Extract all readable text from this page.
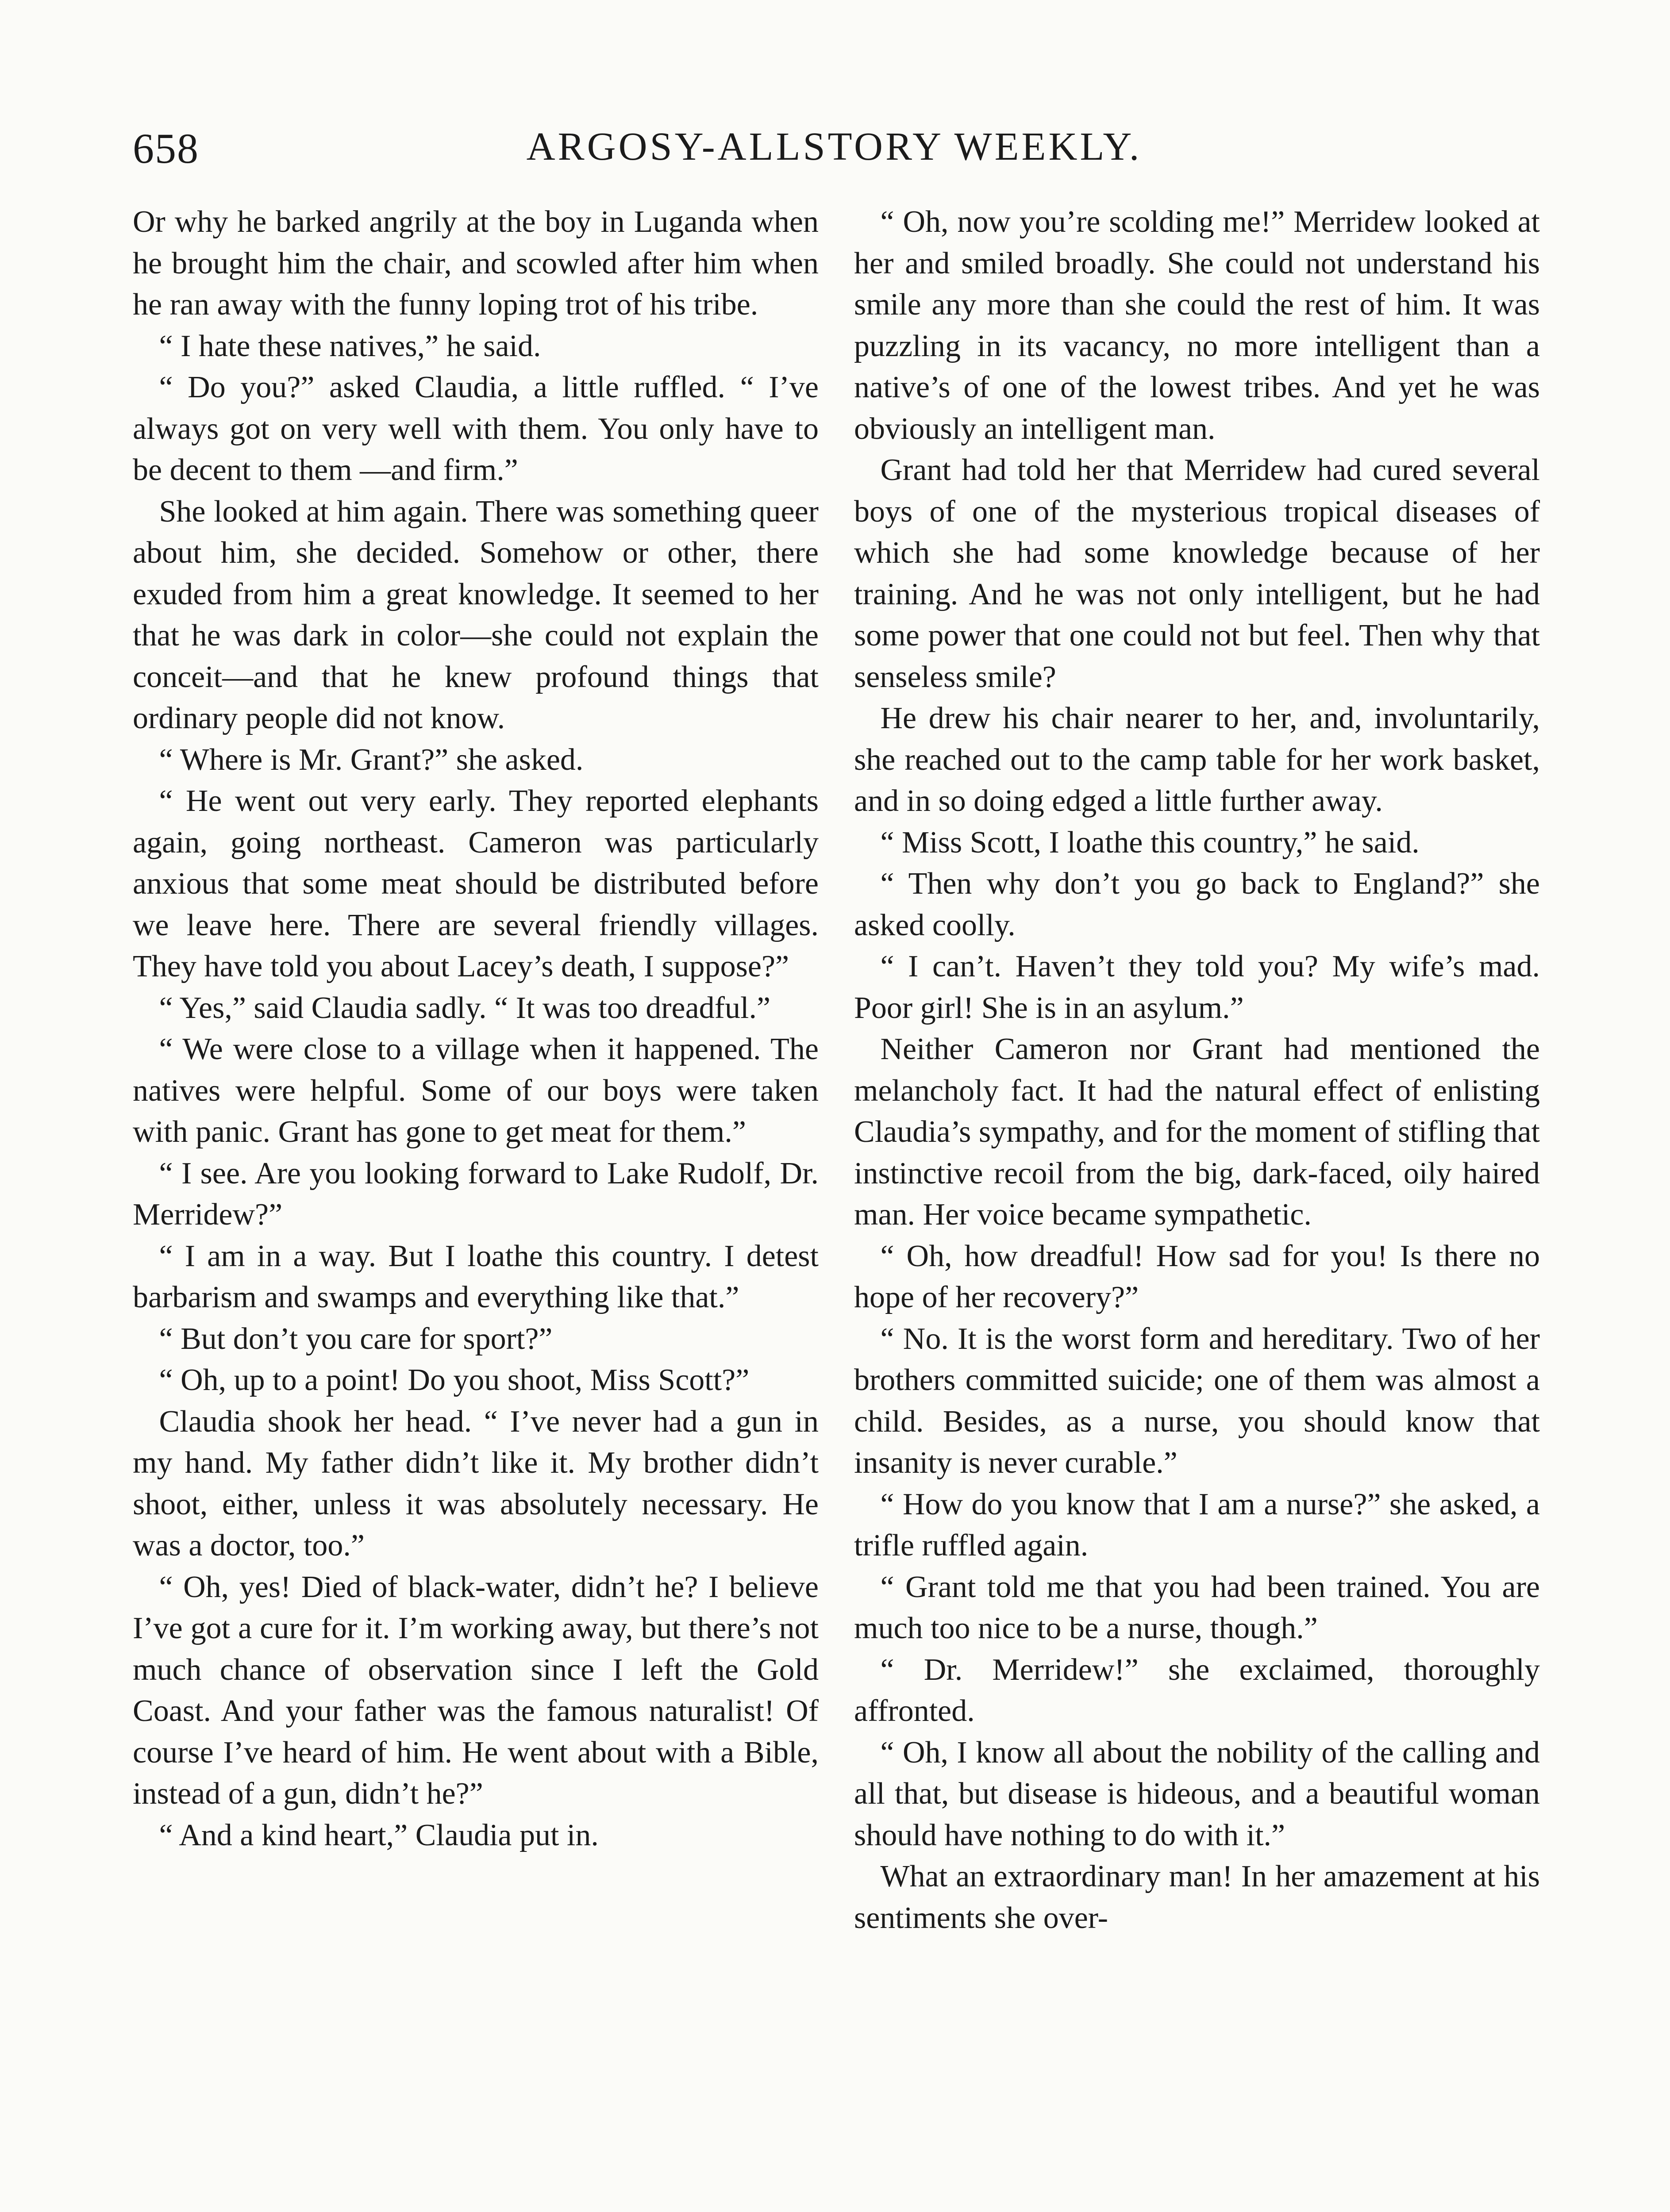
658	ARGOSY-ALLSTORY WEEKLY.

Or why he barked angrily at the boy in Luganda when he brought him the chair, and scowled after him when he ran away with the funny loping trot of his tribe.

“ I hate these natives,” he said.

“ Do you?” asked Claudia, a little ruffled. “ I’ve always got on very well with them. You only have to be decent to them —and firm.”

She looked at him again. There was something queer about him, she decided. Somehow or other, there exuded from him a great knowledge. It seemed to her that he was dark in color—she could not explain the conceit—and that he knew profound things that ordinary people did not know.

“ Where is Mr. Grant?” she asked.

“ He went out very early. They reported elephants again, going northeast. Cameron was particularly anxious that some meat should be distributed before we leave here. There are several friendly villages. They have told you about Lacey’s death, I suppose?”

“ Yes,” said Claudia sadly. “ It was too dreadful.”

“ We were close to a village when it happened. The natives were helpful. Some of our boys were taken with panic. Grant has gone to get meat for them.”

“ I see. Are you looking forward to Lake Rudolf, Dr. Merridew?”

“ I am in a way. But I loathe this country. I detest barbarism and swamps and everything like that.”

“ But don’t you care for sport?”

“ Oh, up to a point! Do you shoot, Miss Scott?”

Claudia shook her head. “ I’ve never had a gun in my hand. My father didn’t like it. My brother didn’t shoot, either, unless it was absolutely necessary. He was a doctor, too.”

“ Oh, yes! Died of black-water, didn’t he? I believe I’ve got a cure for it. I’m working away, but there’s not much chance of observation since I left the Gold Coast. And your father was the famous naturalist! Of course I’ve heard of him. He went about with a Bible, instead of a gun, didn’t he?”

“ And a kind heart,” Claudia put in.

“ Oh, now you’re scolding me!” Merridew looked at her and smiled broadly. She could not understand his smile any more than she could the rest of him. It was puzzling in its vacancy, no more intelligent than a native’s of one of the lowest tribes. And yet he was obviously an intelligent man.

Grant had told her that Merridew had cured several boys of one of the mysterious tropical diseases of which she had some knowledge because of her training. And he was not only intelligent, but he had some power that one could not but feel. Then why that senseless smile?

He drew his chair nearer to her, and, involuntarily, she reached out to the camp table for her work basket, and in so doing edged a little further away.

“ Miss Scott, I loathe this country,” he said.

“ Then why don’t you go back to England?” she asked coolly.

“ I can’t. Haven’t they told you? My wife’s mad. Poor girl! She is in an asylum.”

Neither Cameron nor Grant had mentioned the melancholy fact. It had the natural effect of enlisting Claudia’s sympathy, and for the moment of stifling that instinctive recoil from the big, dark-faced, oily haired man. Her voice became sympathetic.

“ Oh, how dreadful! How sad for you! Is there no hope of her recovery?”

“ No. It is the worst form and hereditary. Two of her brothers committed suicide; one of them was almost a child. Besides, as a nurse, you should know that insanity is never curable.”

“ How do you know that I am a nurse?” she asked, a trifle ruffled again.

“ Grant told me that you had been trained. You are much too nice to be a nurse, though.”

“ Dr. Merridew!” she exclaimed, thoroughly affronted.

“ Oh, I know all about the nobility of the calling and all that, but disease is hideous, and a beautiful woman should have nothing to do with it.”

What an extraordinary man! In her amazement at his sentiments she over-
